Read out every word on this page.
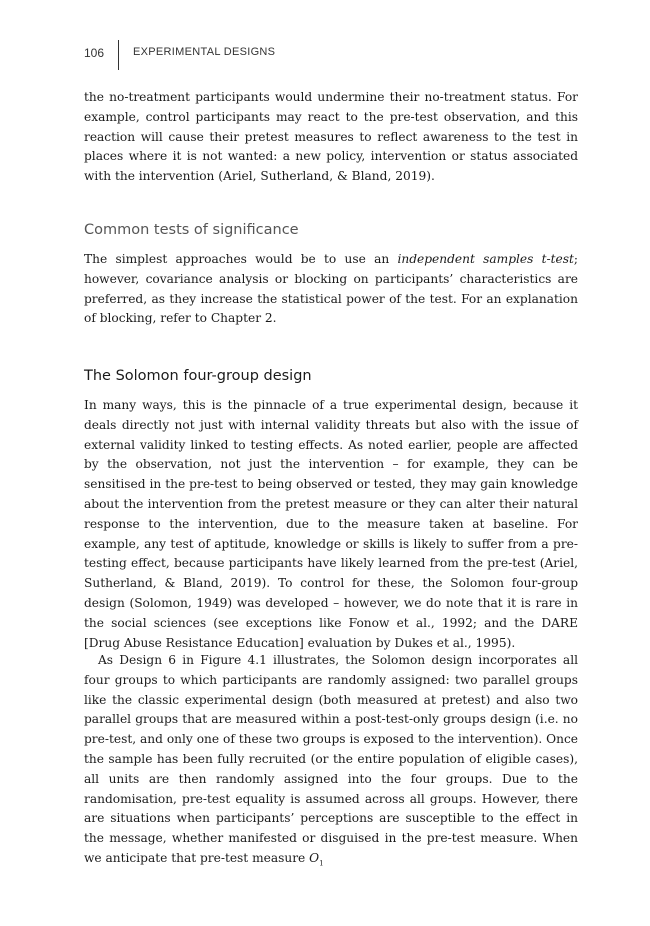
106	EXPERIMENTAL DESIGNS

the no-treatment participants would undermine their no-treatment status. For example, control participants may react to the pre-test observation, and this reaction will cause their pretest measures to reflect awareness to the test in places where it is not wanted: a new policy, intervention or status associated with the intervention (Ariel, Sutherland, & Bland, 2019).

Common tests of significance

The simplest approaches would be to use an independent samples t-test; however, covariance analysis or blocking on participants’ characteristics are preferred, as they increase the statistical power of the test. For an explanation of blocking, refer to Chapter 2.

The Solomon four-group design

In many ways, this is the pinnacle of a true experimental design, because it deals directly not just with internal validity threats but also with the issue of external validity linked to testing effects. As noted earlier, people are affected by the observation, not just the intervention – for example, they can be sensitised in the pre-test to being observed or tested, they may gain knowledge about the intervention from the pretest measure or they can alter their natural response to the intervention, due to the measure taken at baseline. For example, any test of aptitude, knowledge or skills is likely to suffer from a pre-testing effect, because participants have likely learned from the pre-test (Ariel, Sutherland, & Bland, 2019). To control for these, the Solomon four-group design (Solomon, 1949) was developed – however, we do note that it is rare in the social sciences (see exceptions like Fonow et al., 1992; and the DARE [Drug Abuse Resistance Education] evaluation by Dukes et al., 1995).

As Design 6 in Figure 4.1 illustrates, the Solomon design incorporates all four groups to which participants are randomly assigned: two parallel groups like the classic experimental design (both measured at pretest) and also two parallel groups that are measured within a post-test-only groups design (i.e. no pre-test, and only one of these two groups is exposed to the intervention). Once the sample has been fully recruited (or the entire population of eligible cases), all units are then randomly assigned into the four groups. Due to the randomisation, pre-test equality is assumed across all groups. However, there are situations when participants’ perceptions are susceptible to the effect in the message, whether manifested or disguised in the pre-test measure. When we anticipate that pre-test measure $O_1$
